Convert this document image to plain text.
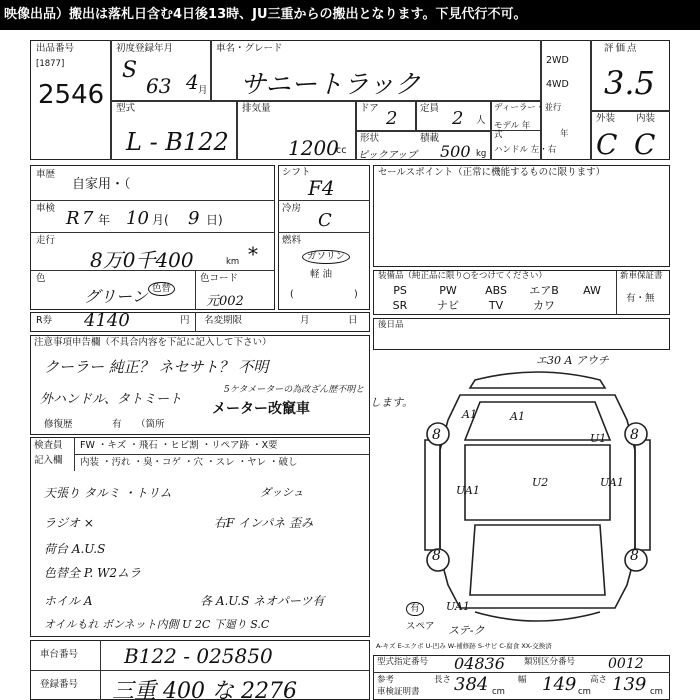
映像出品）搬出は落札日含む4日後13時、JU三重からの搬出となります。下見代行不可。
出品番号
[1877]
2546
初度登録年月
S
63 4 月
車名・グレード
サニートラック
2WD
4WD
評価点
3.5
型式
L - B122
排気量
1200
cc
ドア 2 定員 2 人
形状
ピックアップ
積載
500 kg
ディーラー・並行
モデル 年式	年
ハンドル 左・右
外装 内装
C C
車歴
自家用・（
車検 R 7 年 10 月( 9 日)
走行
8万0千400	km *
色
グリーン 色替
色コード
元002
シフト
F4
冷房
C
燃料
ガソリン
軽 油
(	)
セールスポイント（正常に機能するものに限ります）
装備品（純正品に限り○をつけてください）	新車保証書
有・無
PS	PW	ABS	エアB	AW
SR	ナビ	TV	カワ
後日品
R券 4140	円 名変期限	月	日
注意事項申告欄（不具合内容を下記に記入して下さい）
クーラー 純正？ ネセサト？ 不明
外ハンドル、タトミート
5ケタメーターの為改ざん歴不明と
します。
メーター改竄車
修復歴	有 （箇所
検査員
記入欄
FW ・キズ ・飛石 ・ヒビ割 ・リペア跡 ・X要
内装 ・汚れ ・臭・コゲ ・穴 ・スレ ・ヤレ ・破し
天張り タルミ ・トリム
ラジオ ×
荷台 A.U.S
色替全 P. W2ムラ
ホイル A
オイルもれ ボンネット内側 U 2C 下廻り S.C
ダッシュ
右F インパネ 歪み
各 A.U.S ネオパーツ有
エ30 A アウチ
A1	A1
8	8
U1
U2
UA1
UA1
8	8
UA1
スペア
有
ステ-ク
A-キズ E-エクボ U-凹み W-補修跡 S-サビ C-腐食 XX-交換済
車台番号 B122 - 025850
登録番号 三重 400 な 2276
型式指定番号 04836 類別区分番号 0012
参考
車検証明書
長さ 384 cm
幅 149 cm
高さ 139 cm
